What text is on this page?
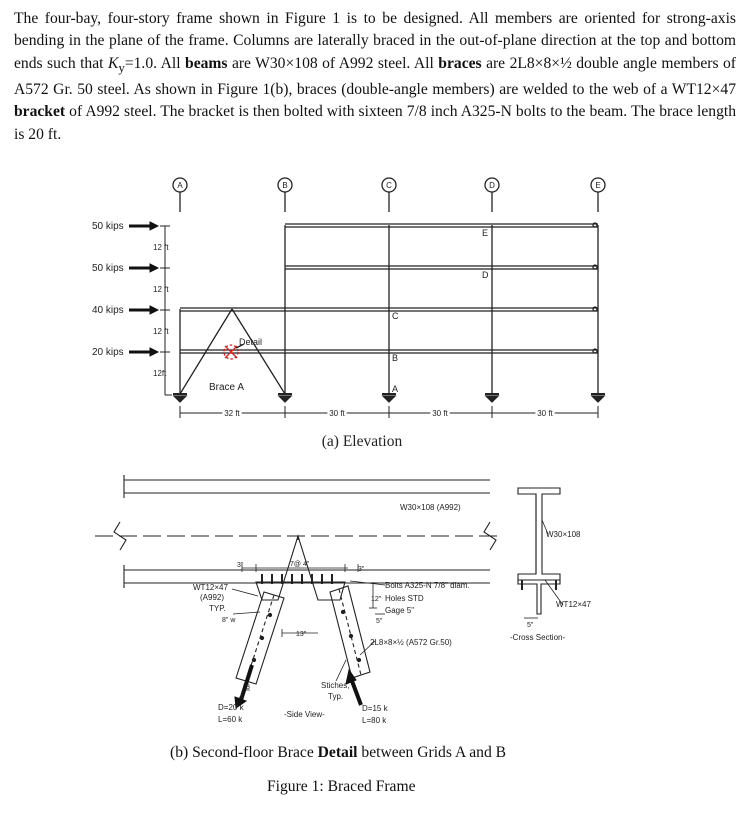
The four-bay, four-story frame shown in Figure 1 is to be designed. All members are oriented for strong-axis bending in the plane of the frame. Columns are laterally braced in the out-of-plane direction at the top and bottom ends such that $K_y=1.0$. All beams are W30×108 of A992 steel. All braces are 2L8×8×½ double angle members of A572 Gr. 50 steel. As shown in Figure 1(b), braces (double-angle members) are welded to the web of a WT12×47 bracket of A992 steel. The bracket is then bolted with sixteen 7/8 inch A325-N bolts to the beam. The brace length is 20 ft.

A	B	C	D	E
50 kips
50 kips
40 kips
20 kips
12 ft
12 ft
12 ft
12ft
32 ft	30 ft	30 ft	30 ft
A
B
C
D
E
Detail
Brace A
(a) Elevation
W30×108 (A992)
WT12×47
(A992)
TYP.
8" w
3"	7@ 4"
3"
Bolts A325-N 7/8" diam.
12" Holes STD
Gage 5"
5"
2L8×8×½ (A572 Gr.50)
13"
3
4
Stiches,
Typ.
D=20 k
L=60 k
-Side View-
D=15 k
L=80 k
W30×108
WT12×47
5"
-Cross Section-
(b) Second-floor Brace Detail between Grids A and B
Figure 1: Braced Frame
